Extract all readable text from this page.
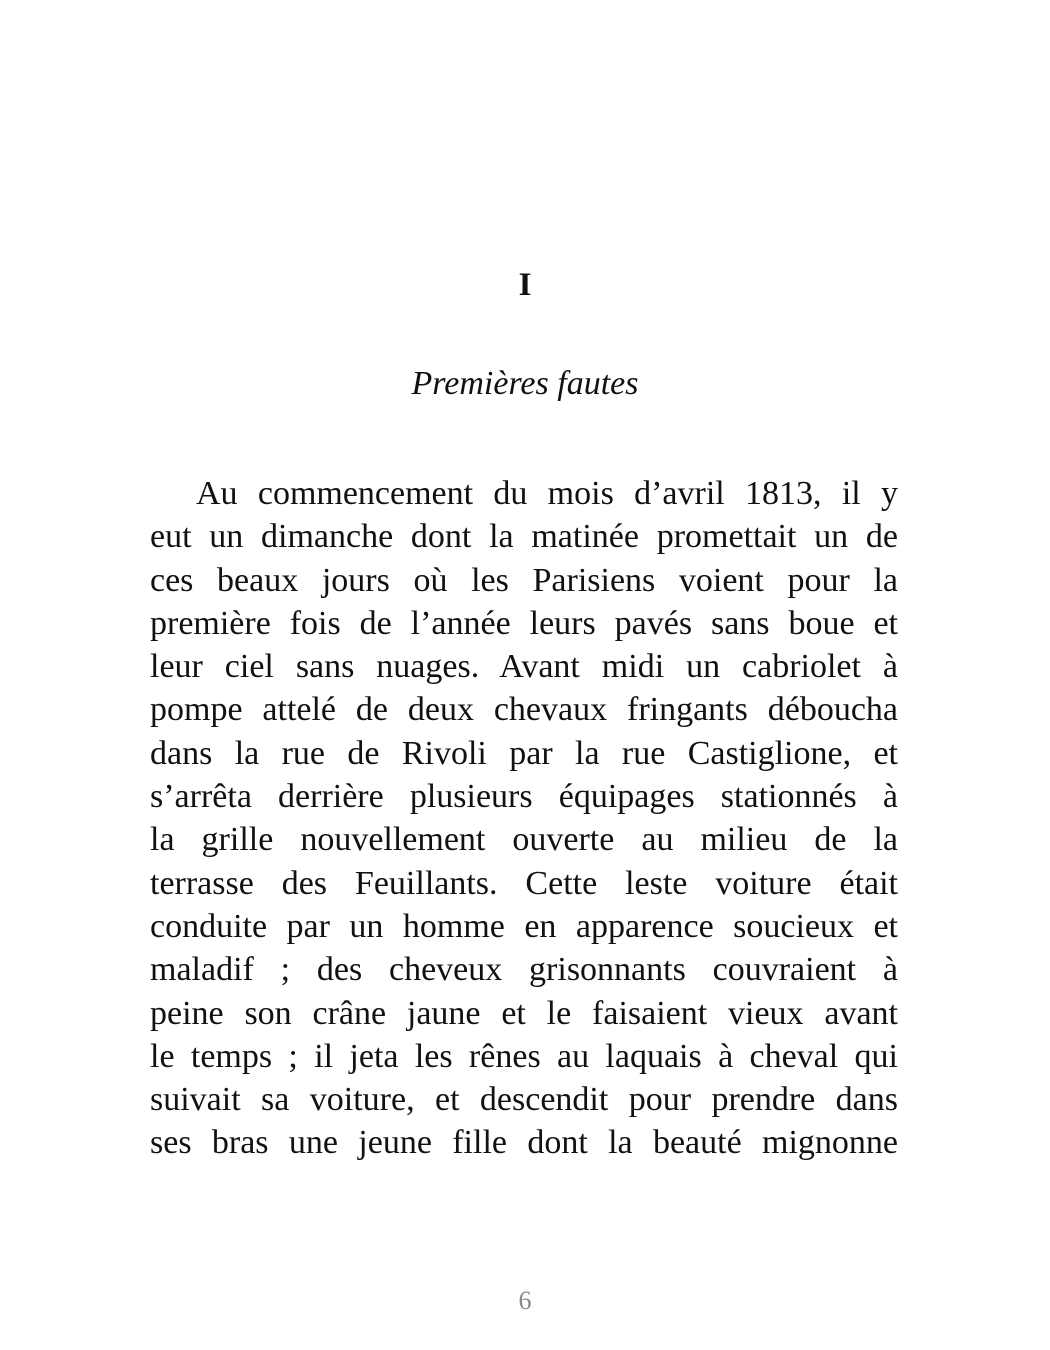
I
Premières fautes
Au commencement du mois d’avril 1813, il y
eut un dimanche dont la matinée promettait un de
ces beaux jours où les Parisiens voient pour la
première fois de l’année leurs pavés sans boue et
leur ciel sans nuages. Avant midi un cabriolet à
pompe attelé de deux chevaux fringants déboucha
dans la rue de Rivoli par la rue Castiglione, et
s’arrêta derrière plusieurs équipages stationnés à
la grille nouvellement ouverte au milieu de la
terrasse des Feuillants. Cette leste voiture était
conduite par un homme en apparence soucieux et
maladif ; des cheveux grisonnants couvraient à
peine son crâne jaune et le faisaient vieux avant
le temps ; il jeta les rênes au laquais à cheval qui
suivait sa voiture, et descendit pour prendre dans
ses bras une jeune fille dont la beauté mignonne
6
